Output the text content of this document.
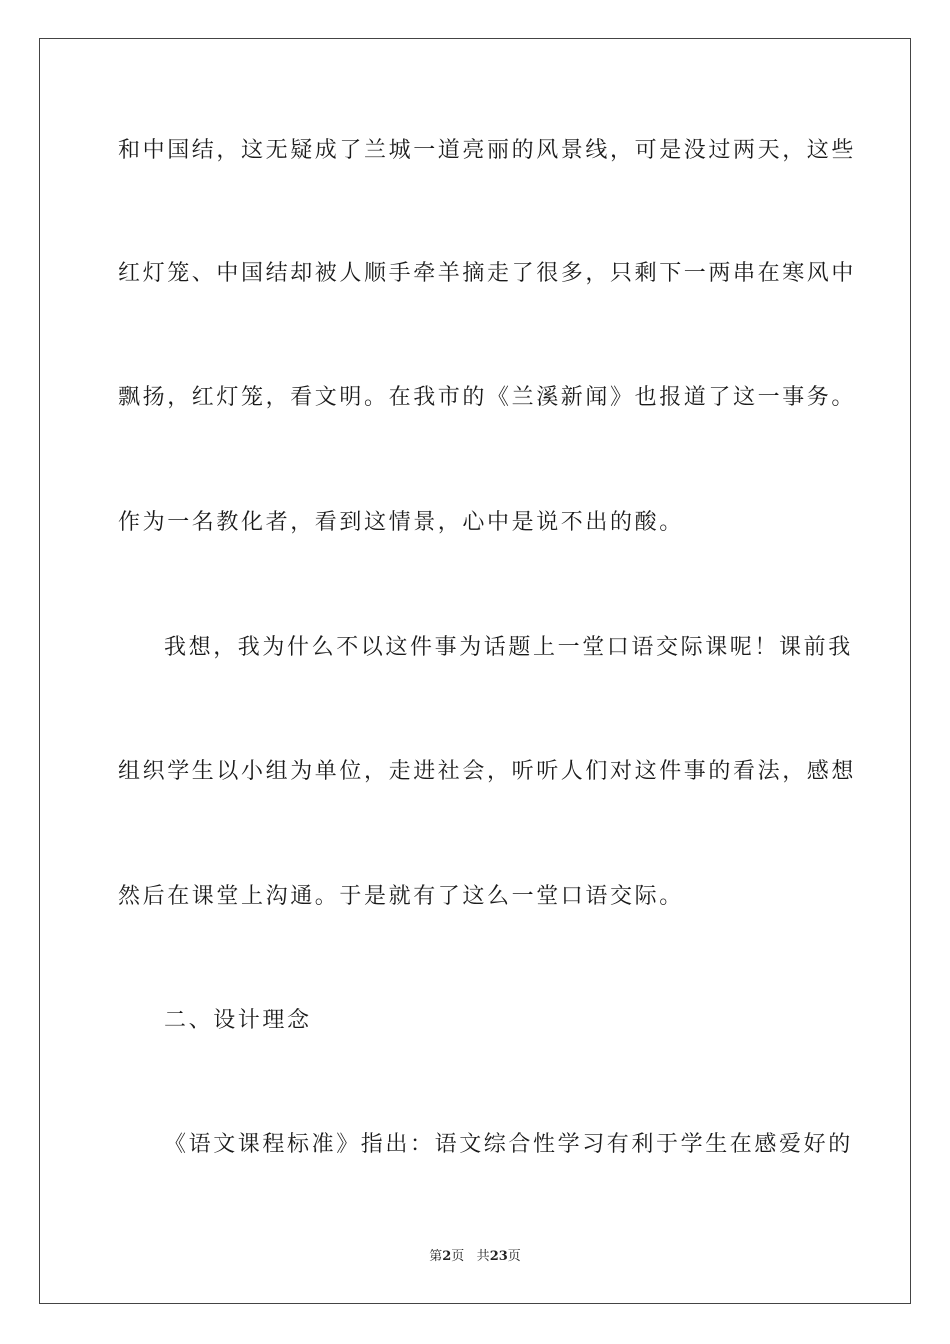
和中国结，这无疑成了兰城一道亮丽的风景线，可是没过两天，这些
红灯笼、中国结却被人顺手牵羊摘走了很多，只剩下一两串在寒风中
飘扬，红灯笼，看文明。在我市的《兰溪新闻》也报道了这一事务。
作为一名教化者，看到这情景，心中是说不出的酸。
我想，我为什么不以这件事为话题上一堂口语交际课呢！课前我
组织学生以小组为单位，走进社会，听听人们对这件事的看法，感想
然后在课堂上沟通。于是就有了这么一堂口语交际。
二、设计理念
《语文课程标准》指出：语文综合性学习有利于学生在感爱好的
第2页 共23页
